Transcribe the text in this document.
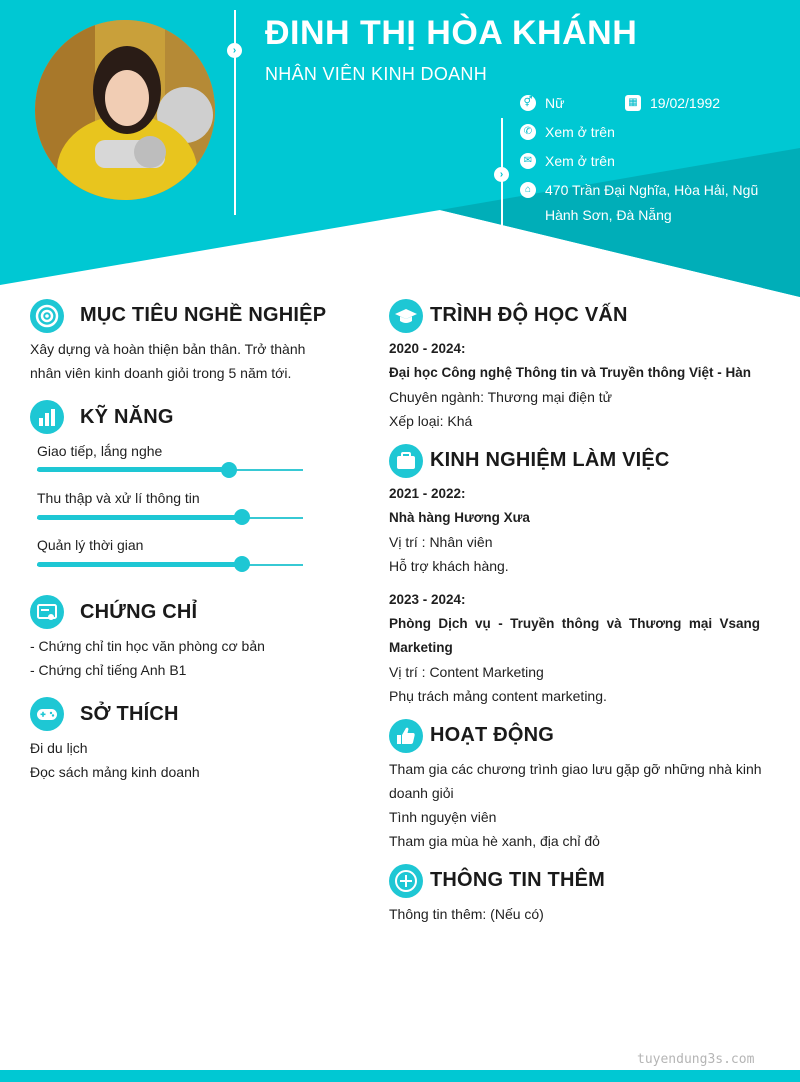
› ĐINH THỊ HÒA KHÁNH
NHÂN VIÊN KINH DOANH
›
⚥ Nữ	▦ 19/02/1992
✆ Xem ở trên
✉ Xem ở trên
⌂ 470 Trần Đại Nghĩa, Hòa Hải, Ngũ
Hành Sơn, Đà Nẵng
MỤC TIÊU NGHỀ NGHIỆP
Xây dựng và hoàn thiện bản thân. Trở thành
nhân viên kinh doanh giỏi trong 5 năm tới.
KỸ NĂNG
Giao tiếp, lắng nghe
Thu thập và xử lí thông tin
Quản lý thời gian
CHỨNG CHỈ
- Chứng chỉ tin học văn phòng cơ bản
- Chứng chỉ tiếng Anh B1
SỞ THÍCH
Đi du lịch
Đọc sách mảng kinh doanh
TRÌNH ĐỘ HỌC VẤN
2020 - 2024:
Đại học Công nghệ Thông tin và Truyền thông Việt - Hàn
Chuyên ngành: Thương mại điện tử
Xếp loại: Khá
KINH NGHIỆM LÀM VIỆC
2021 - 2022:
Nhà hàng Hương Xưa
Vị trí : Nhân viên
Hỗ trợ khách hàng.
2023 - 2024:
Phòng Dịch vụ - Truyền thông và Thương mại Vsang
Marketing
Vị trí : Content Marketing
Phụ trách mảng content marketing.
HOẠT ĐỘNG
Tham gia các chương trình giao lưu gặp gỡ những nhà kinh
doanh giỏi
Tình nguyện viên
Tham gia mùa hè xanh, địa chỉ đỏ
THÔNG TIN THÊM
Thông tin thêm: (Nếu có)
tuyendung3s.com
